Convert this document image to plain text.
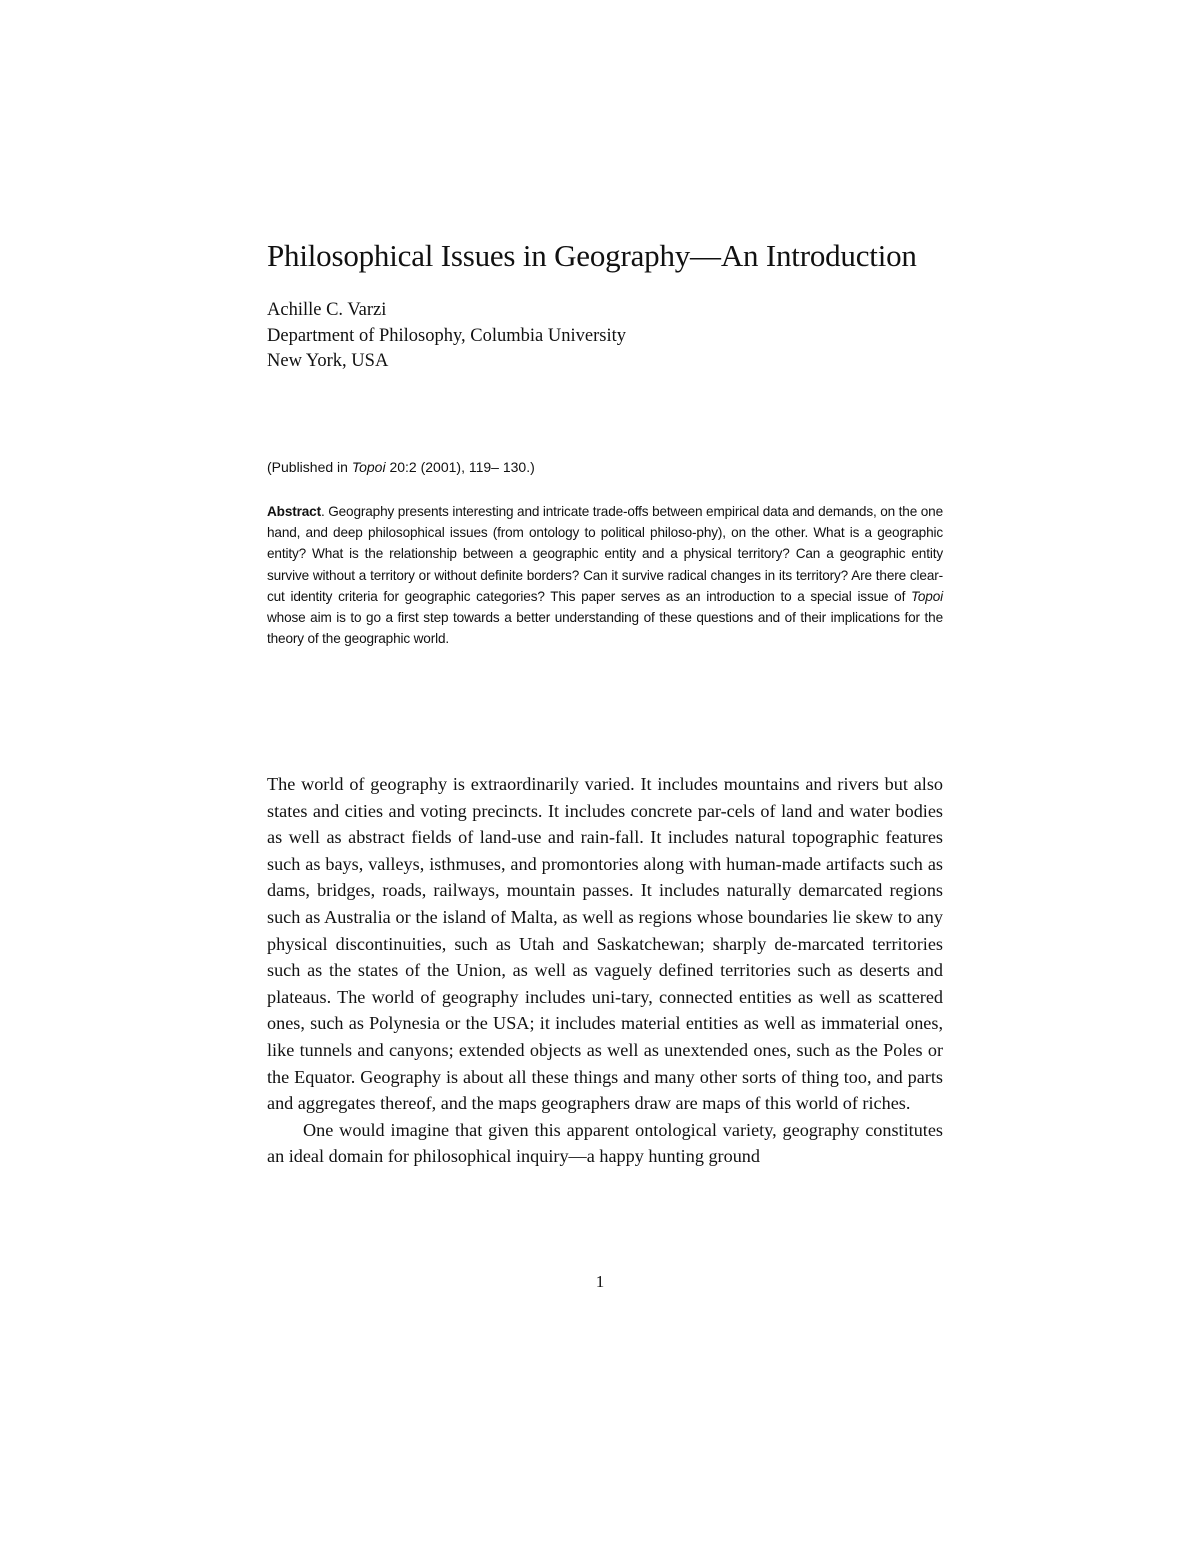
Philosophical Issues in Geography—An Introduction
Achille C. Varzi
Department of Philosophy, Columbia University
New York, USA
(Published in Topoi 20:2 (2001), 119– 130.)
Abstract. Geography presents interesting and intricate trade-offs between empirical data and demands, on the one hand, and deep philosophical issues (from ontology to political philoso-phy), on the other. What is a geographic entity? What is the relationship between a geographic entity and a physical territory? Can a geographic entity survive without a territory or without definite borders? Can it survive radical changes in its territory? Are there clear-cut identity criteria for geographic categories? This paper serves as an introduction to a special issue of Topoi whose aim is to go a first step towards a better understanding of these questions and of their implications for the theory of the geographic world.

The world of geography is extraordinarily varied. It includes mountains and rivers but also states and cities and voting precincts. It includes concrete par-cels of land and water bodies as well as abstract fields of land-use and rain-fall. It includes natural topographic features such as bays, valleys, isthmuses, and promontories along with human-made artifacts such as dams, bridges, roads, railways, mountain passes. It includes naturally demarcated regions such as Australia or the island of Malta, as well as regions whose boundaries lie skew to any physical discontinuities, such as Utah and Saskatchewan; sharply de-marcated territories such as the states of the Union, as well as vaguely defined territories such as deserts and plateaus. The world of geography includes uni-tary, connected entities as well as scattered ones, such as Polynesia or the USA; it includes material entities as well as immaterial ones, like tunnels and canyons; extended objects as well as unextended ones, such as the Poles or the Equator. Geography is about all these things and many other sorts of thing too, and parts and aggregates thereof, and the maps geographers draw are maps of this world of riches.

One would imagine that given this apparent ontological variety, geography constitutes an ideal domain for philosophical inquiry—a happy hunting ground

1
